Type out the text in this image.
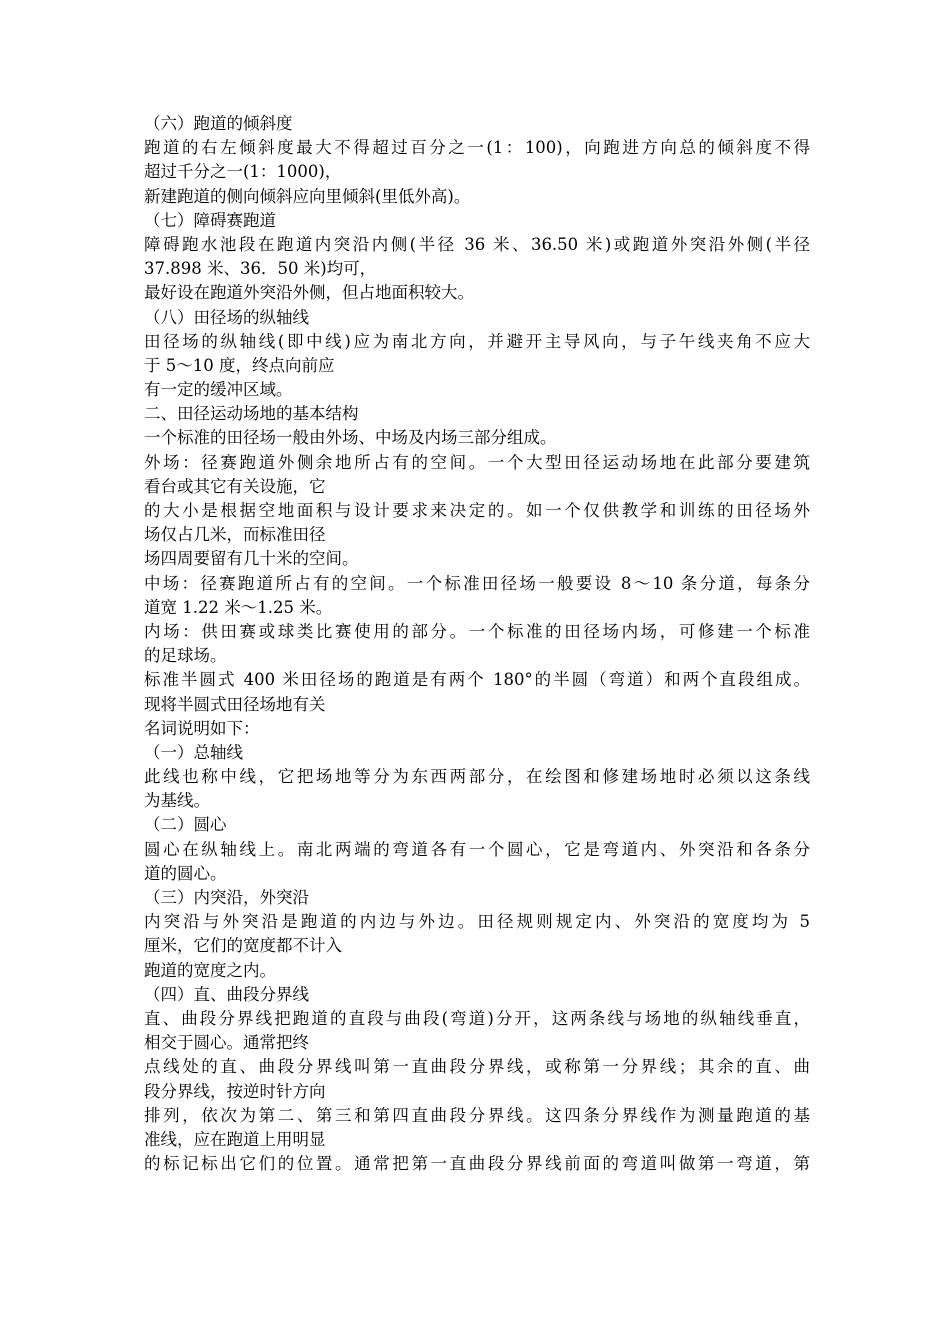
（六）跑道的倾斜度
跑道的右左倾斜度最大不得超过百分之一(1：100)，向跑进方向总的倾斜度不得
超过千分之一(1：1000)，
新建跑道的侧向倾斜应向里倾斜(里低外高)。
（七）障碍赛跑道
障碍跑水池段在跑道内突沿内侧(半径 36 米、36.50 米)或跑道外突沿外侧(半径
37.898 米、36．50 米)均可，
最好设在跑道外突沿外侧，但占地面积较大。
（八）田径场的纵轴线
田径场的纵轴线(即中线)应为南北方向，并避开主导风向，与子午线夹角不应大
于 5～10 度，终点向前应
有一定的缓冲区域。
二、田径运动场地的基本结构
一个标准的田径场一般由外场、中场及内场三部分组成。
外场：径赛跑道外侧余地所占有的空间。一个大型田径运动场地在此部分要建筑
看台或其它有关设施，它
的大小是根据空地面积与设计要求来决定的。如一个仅供教学和训练的田径场外
场仅占几米，而标准田径
场四周要留有几十米的空间。
中场：径赛跑道所占有的空间。一个标准田径场一般要设 8～10 条分道，每条分
道宽 1.22 米～1.25 米。
内场：供田赛或球类比赛使用的部分。一个标准的田径场内场，可修建一个标准
的足球场。
标准半圆式 400 米田径场的跑道是有两个 180°的半圆（弯道）和两个直段组成。
现将半圆式田径场地有关
名词说明如下：
（一）总轴线
此线也称中线，它把场地等分为东西两部分，在绘图和修建场地时必须以这条线
为基线。
（二）圆心
圆心在纵轴线上。南北两端的弯道各有一个圆心，它是弯道内、外突沿和各条分
道的圆心。
（三）内突沿，外突沿
内突沿与外突沿是跑道的内边与外边。田径规则规定内、外突沿的宽度均为 5
厘米，它们的宽度都不计入
跑道的宽度之内。
（四）直、曲段分界线
直、曲段分界线把跑道的直段与曲段(弯道)分开，这两条线与场地的纵轴线垂直，
相交于圆心。通常把终
点线处的直、曲段分界线叫第一直曲段分界线，或称第一分界线；其余的直、曲
段分界线，按逆时针方向
排列，依次为第二、第三和第四直曲段分界线。这四条分界线作为测量跑道的基
准线，应在跑道上用明显
的标记标出它们的位置。通常把第一直曲段分界线前面的弯道叫做第一弯道，第
